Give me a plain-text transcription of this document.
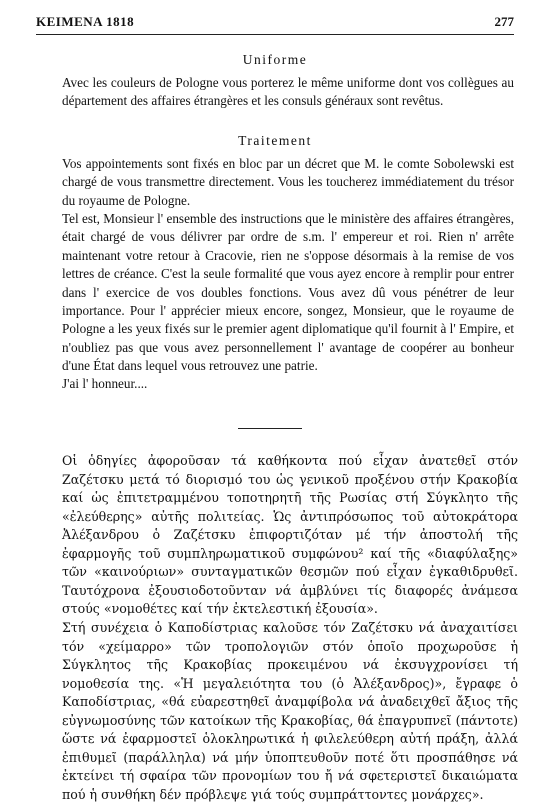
ΚΕΙΜΕΝΑ 1818	277
Uniforme

Avec les couleurs de Pologne vous porterez le même uniforme dont vos collègues au département des affaires étrangères et les consuls généraux sont revêtus.

Traitement

Vos appointements sont fixés en bloc par un décret que M. le comte Sobolewski est chargé de vous transmettre directement. Vous les toucherez immédiatement du trésor du royaume de Pologne.

Tel est, Monsieur l' ensemble des instructions que le ministère des affaires étrangères, était chargé de vous délivrer par ordre de s.m. l' empereur et roi. Rien n' arrête maintenant votre retour à Cracovie, rien ne s'oppose désormais à la remise de vos lettres de créance. C'est la seule formalité que vous ayez encore à remplir pour entrer dans l' exercice de vos doubles fonctions. Vous avez dû vous pénétrer de leur importance. Pour l' apprécier mieux encore, songez, Monsieur, que le royaume de Pologne a les yeux fixés sur le premier agent diplomatique qu'il fournit à l' Empire, et n'oubliez pas que vous avez personnellement l' avantage de coopérer au bonheur d'une État dans lequel vous retrouvez une patrie.

J'ai l' honneur....

Οἱ ὁδηγίες ἀφοροῦσαν τά καθήκοντα πού εἶχαν ἀνατεθεῖ στόν Ζαζέτσκυ μετά τό διορισμό του ὡς γενικοῦ προξένου στήν Κρακοβία καί ὡς ἐπιτετραμμένου τοποτηρητῆ τῆς Ρωσίας στή Σύγκλητο τῆς «ἐλεύθερης» αὐτῆς πολιτείας. Ὡς ἀντιπρόσωπος τοῦ αὐτοκράτορα Ἀλέξανδρου ὁ Ζαζέτσκυ ἐπιφορτιζόταν μέ τήν ἀποστολή τῆς ἐφαρμογῆς τοῦ συμπληρωματικοῦ συμφώνου² καί τῆς «διαφύλαξης» τῶν «καινούριων» συνταγματικῶν θεσμῶν πού εἶχαν ἐγκαθιδρυθεῖ. Ταυτόχρονα ἐξουσιοδοτοῦνταν νά ἀμβλύνει τίς διαφορές ἀνάμεσα στούς «νομοθέτες καί τήν ἐκτελεστική ἐξουσία».

Στή συνέχεια ὁ Καποδίστριας καλοῦσε τόν Ζαζέτσκυ νά ἀναχαιτίσει τόν «χείμαρρο» τῶν τροπολογιῶν στόν ὁποῖο προχωροῦσε ἡ Σύγκλητος τῆς Κρακοβίας προκειμένου νά ἐκσυγχρονίσει τή νομοθεσία της. «Ἡ μεγαλειότητα του (ὁ Ἀλέξανδρος)», ἔγραφε ὁ Καποδίστριας, «θά εὐαρεστηθεῖ ἀναμφίβολα νά ἀναδειχθεῖ ἄξιος τῆς εὐγνωμοσύνης τῶν κατοίκων τῆς Κρακοβίας, θά ἐπαγρυπνεῖ (πάντοτε) ὥστε νά ἐφαρμοστεῖ ὁλοκληρωτικά ἡ φιλελεύθερη αὐτή πράξη, ἀλλά ἐπιθυμεῖ (παράλληλα) νά μήν ὑποπτευθοῦν ποτέ ὅτι προσπάθησε νά ἐκτείνει τή σφαίρα τῶν προνομίων του ἤ νά σφετεριστεῖ δικαιώματα πού ἡ συνθήκη δέν πρόβλεψε γιά τούς συμπράττοντες μονάρχες».
